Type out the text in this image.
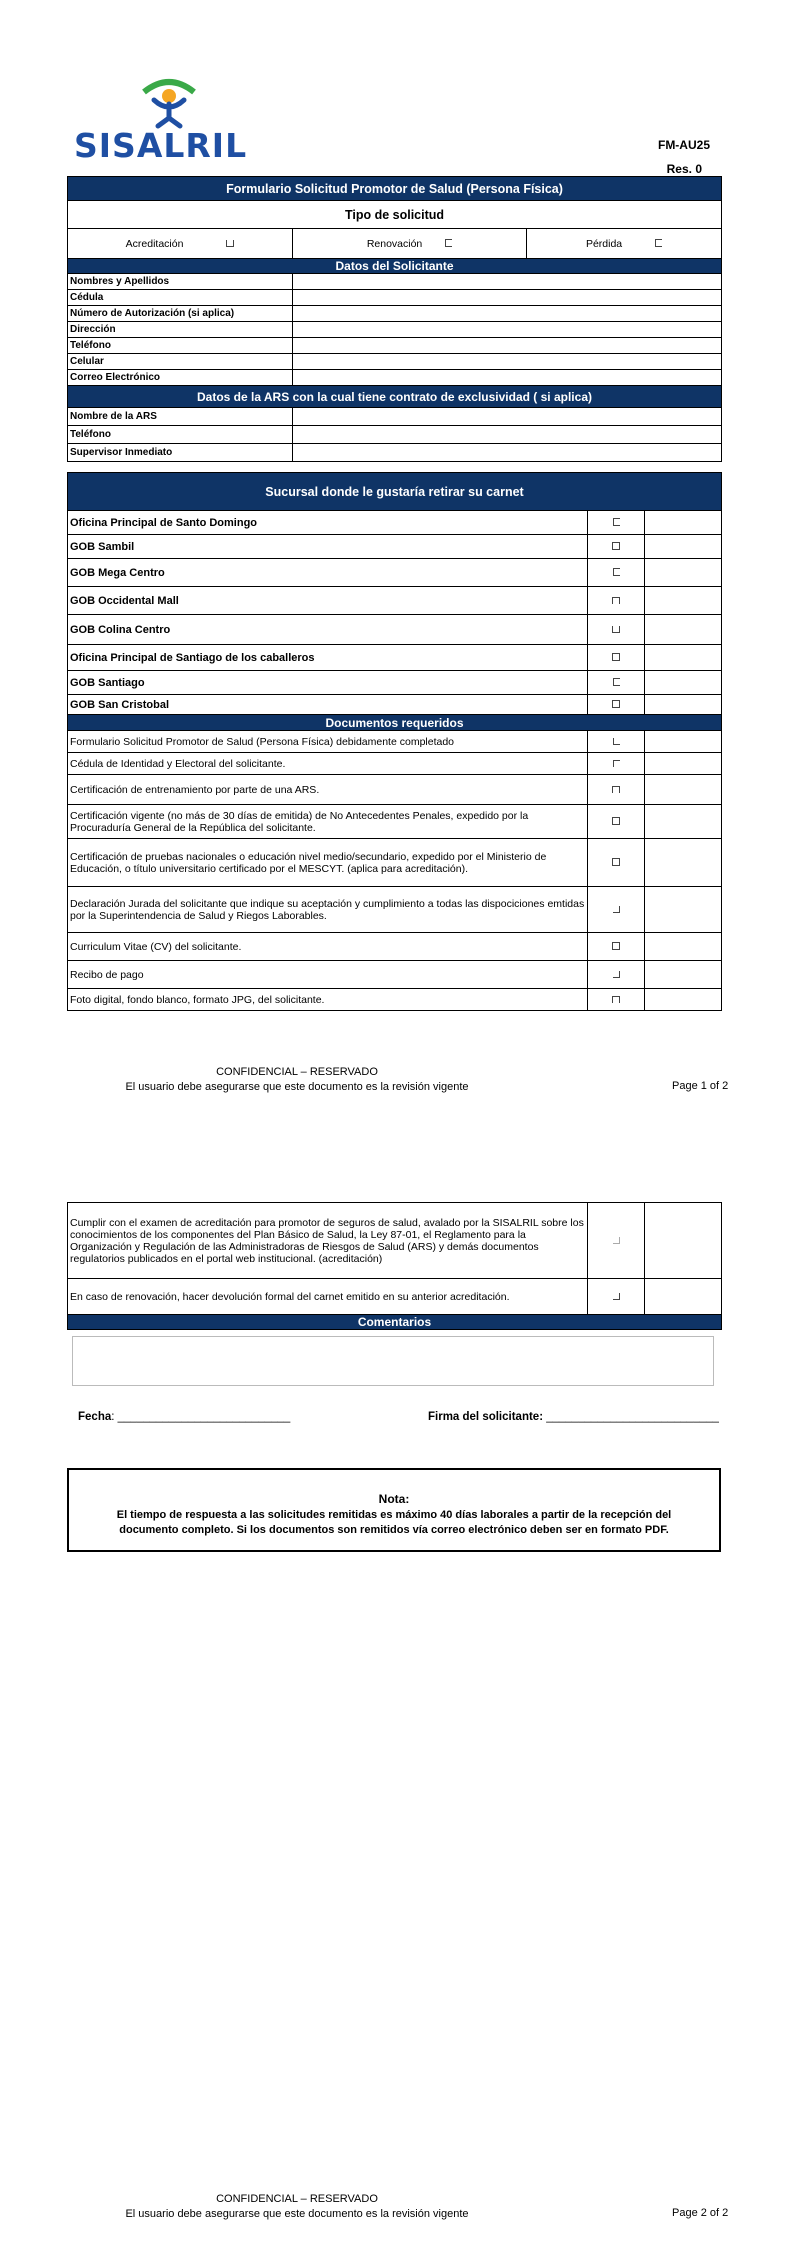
SISALRIL	FM-AU25
Res. 0
Formulario Solicitud Promotor de Salud (Persona Física)		
Tipo de solicitud		
Acreditación	Renovación	Pérdida
Datos del Solicitante		
Nombres y Apellidos		
Cédula		
Número de Autorización (si aplica)		
Dirección		
Teléfono		
Celular		
Correo Electrónico		
Datos de la ARS con la cual tiene contrato de exclusividad ( si aplica)		
Nombre de la ARS		
Teléfono		
Supervisor Inmediato		
Sucursal donde le gustaría retirar su carnet		
Oficina Principal de Santo Domingo		
GOB Sambil		
GOB Mega Centro		
GOB Occidental Mall		
GOB Colina Centro		
Oficina Principal de Santiago de los caballeros		
GOB Santiago		
GOB San Cristobal		
Documentos requeridos		
Formulario Solicitud Promotor de Salud (Persona Física) debidamente completado		
Cédula de Identidad y Electoral del solicitante.		
Certificación de entrenamiento por parte de una ARS.		
Certificación vigente (no más de 30 días de emitida) de No Antecedentes Penales, expedido por la Procuraduría General de la República del solicitante.		
Certificación de pruebas nacionales o educación nivel medio/secundario, expedido por el Ministerio de Educación, o título universitario certificado por el MESCYT. (aplica para acreditación).		
Declaración Jurada del solicitante que indique su aceptación y cumplimiento a todas las dispociciones emtidas por la Superintendencia de Salud y Riegos Laborables.		
Curriculum Vitae (CV) del solicitante.		
Recibo de pago		
Foto digital, fondo blanco, formato JPG, del solicitante.		
CONFIDENCIAL – RESERVADO
El usuario debe asegurarse que este documento es la revisión vigente	Page 1 of 2
Cumplir con el examen de acreditación para promotor de seguros de salud, avalado por la SISALRIL sobre los conocimientos de los componentes del Plan Básico de Salud, la Ley 87-01, el Reglamento para la Organización y Regulación de las Administradoras de Riesgos de Salud (ARS) y demás documentos regulatorios publicados en el portal web institucional. (acreditación)		
En caso de renovación, hacer devolución formal del carnet emitido en su anterior acreditación.		
Comentarios		
Fecha: ___________________________	Firma del solicitante: ___________________________
Nota:
El tiempo de respuesta a las solicitudes remitidas es máximo 40 días laborales a partir de la recepción del documento completo. Si los documentos son remitidos vía correo electrónico deben ser en formato PDF.
CONFIDENCIAL – RESERVADO
El usuario debe asegurarse que este documento es la revisión vigente	Page 2 of 2
